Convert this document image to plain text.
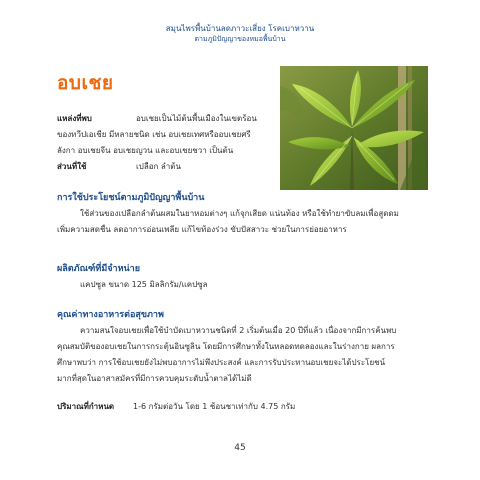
สมุนไพรพื้นบ้านลดภาวะเสี่ยง โรคเบาหวาน
ตามภูมิปัญญาของหมอพื้นบ้าน
อบเชย
แหล่งที่พบ	อบเชยเป็นไม้ต้นพื้นเมืองในเขตร้อน
ของทวีปเอเชีย มีหลายชนิด เช่น อบเชยเทศหรืออบเชยศรี
ลังกา อบเชยจีน อบเชยญวน และอบเชยชวา เป็นต้น
ส่วนที่ใช้	เปลือก ลำต้น
การใช้ประโยชน์ตามภูมิปัญญาพื้นบ้าน
ใช้ส่วนของเปลือกลำต้นผสมในยาหอมต่างๆ แก้จุกเสียด แน่นท้อง หรือใช้ทำยาขับลมเพื่อสูดดม
เพิ่มความสดชื่น ลดอาการอ่อนเพลีย แก้ไขท้องร่วง ขับปัสสาวะ ช่วยในการย่อยอาหาร
ผลิตภัณฑ์ที่มีจำหน่าย
แคปซูล ขนาด 125 มิลลิกรัม/แคปซูล
คุณค่าทางอาหารต่อสุขภาพ
ความสนใจอบเชยเพื่อใช้บำบัดเบาหวานชนิดที่ 2 เริ่มต้นเมื่อ 20 ปีที่แล้ว เนื่องจากมีการค้นพบ
คุณสมบัติของอบเชยในการกระตุ้นอินซูลิน โดยมีการศึกษาทั้งในหลอดทดลองและในร่างกาย ผลการ
ศึกษาพบว่า การใช้อบเชยยังไม่พบอาการไม่พึงประสงค์ และการรับประทานอบเชยจะได้ประโยชน์
มากที่สุดในอาสาสมัครที่มีการควบคุมระดับน้ำตาลได้ไม่ดี
ปริมาณที่กำหนด 1-6 กรัมต่อวัน โดย 1 ช้อนชาเท่ากับ 4.75 กรัม
45
